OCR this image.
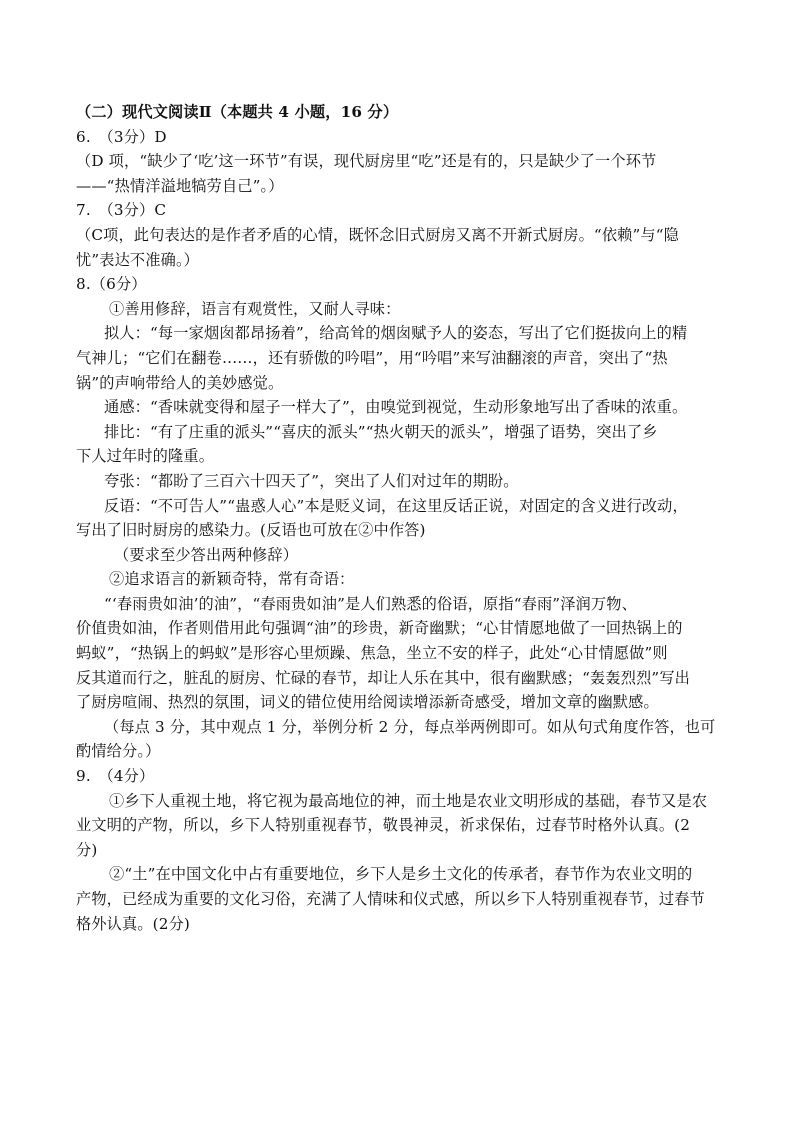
（二）现代文阅读Ⅱ（本题共 4 小题，16 分）
6.　（3分）D
（D 项，“缺少了‘吃’这一环节”有误，现代厨房里“吃”还是有的，只是缺少了一个环节
——“热情洋溢地犒劳自己”。）
7.　（3分）C
（C项，此句表达的是作者矛盾的心情，既怀念旧式厨房又离不开新式厨房。“依赖”与“隐
忧”表达不准确。）
8.（6分）
①善用修辞，语言有观赏性，又耐人寻味：
拟人：“每一家烟囱都昂扬着”，给高耸的烟囱赋予人的姿态，写出了它们挺拔向上的精
气神儿；“它们在翻卷……，还有骄傲的吟唱”，用“吟唱”来写油翻滚的声音，突出了“热
锅”的声响带给人的美妙感觉。
通感：“香味就变得和屋子一样大了”，由嗅觉到视觉，生动形象地写出了香味的浓重。
排比：“有了庄重的派头”“喜庆的派头”“热火朝天的派头”，增强了语势，突出了乡
下人过年时的隆重。
夸张：“都盼了三百六十四天了”，突出了人们对过年的期盼。
反语：“不可告人”“蛊惑人心”本是贬义词，在这里反话正说，对固定的含义进行改动，
写出了旧时厨房的感染力。(反语也可放在②中作答)
（要求至少答出两种修辞）
②追求语言的新颖奇特，常有奇语：
“‘春雨贵如油’的油”，“春雨贵如油”是人们熟悉的俗语，原指“春雨”泽润万物、
价值贵如油，作者则借用此句强调“油”的珍贵，新奇幽默；“心甘情愿地做了一回热锅上的
蚂蚁”，“热锅上的蚂蚁”是形容心里烦躁、焦急，坐立不安的样子，此处“心甘情愿做”则
反其道而行之，脏乱的厨房、忙碌的春节，却让人乐在其中，很有幽默感；“轰轰烈烈”写出
了厨房喧闹、热烈的氛围，词义的错位使用给阅读增添新奇感受，增加文章的幽默感。
（每点 3 分，其中观点 1 分，举例分析 2 分，每点举两例即可。如从句式角度作答，也可
酌情给分。）
9.　（4分）
①乡下人重视土地，将它视为最高地位的神，而土地是农业文明形成的基础，春节又是农
业文明的产物，所以，乡下人特别重视春节，敬畏神灵，祈求保佑，过春节时格外认真。(2
分)
②“土”在中国文化中占有重要地位，乡下人是乡土文化的传承者，春节作为农业文明的
产物，已经成为重要的文化习俗，充满了人情味和仪式感，所以乡下人特别重视春节，过春节
格外认真。(2分)
